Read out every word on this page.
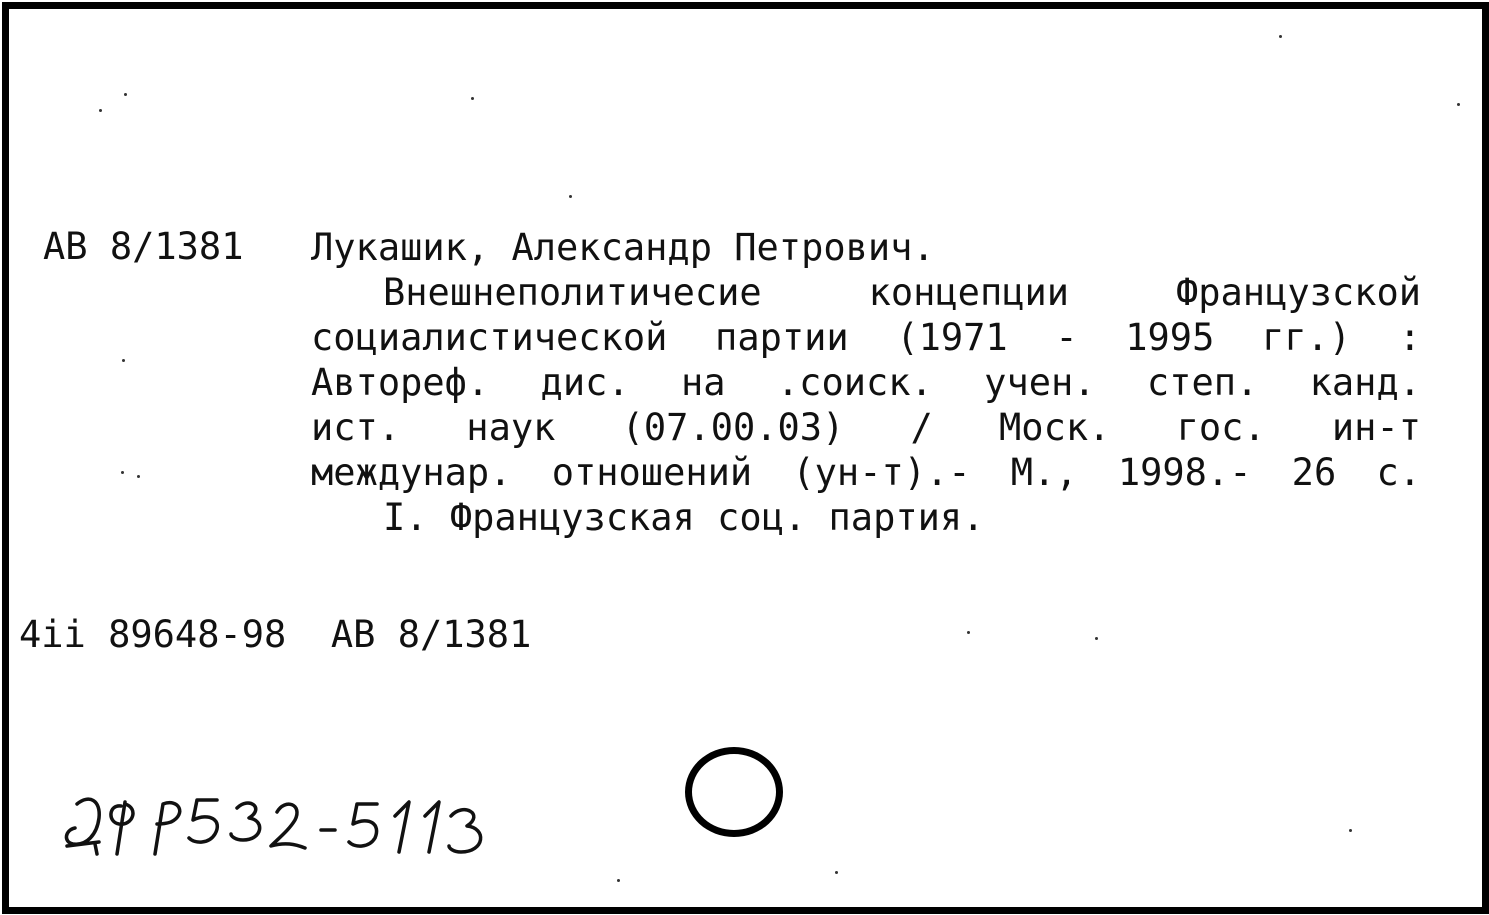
АВ 8/1381 Лукашик, Александр Петрович.
Внешнеполитичесие концепции Французской
социалистической партии (1971 - 1995 гг.) :
Автореф. дис. на .соиск. учен. степ. канд.
ист. наук (07.00.03) / Моск. гос. ин-т
междунар. отношений (ун-т).- М., 1998.- 26 с.
I. Французская соц. партия.
4ii 89648-98  АВ 8/1381
